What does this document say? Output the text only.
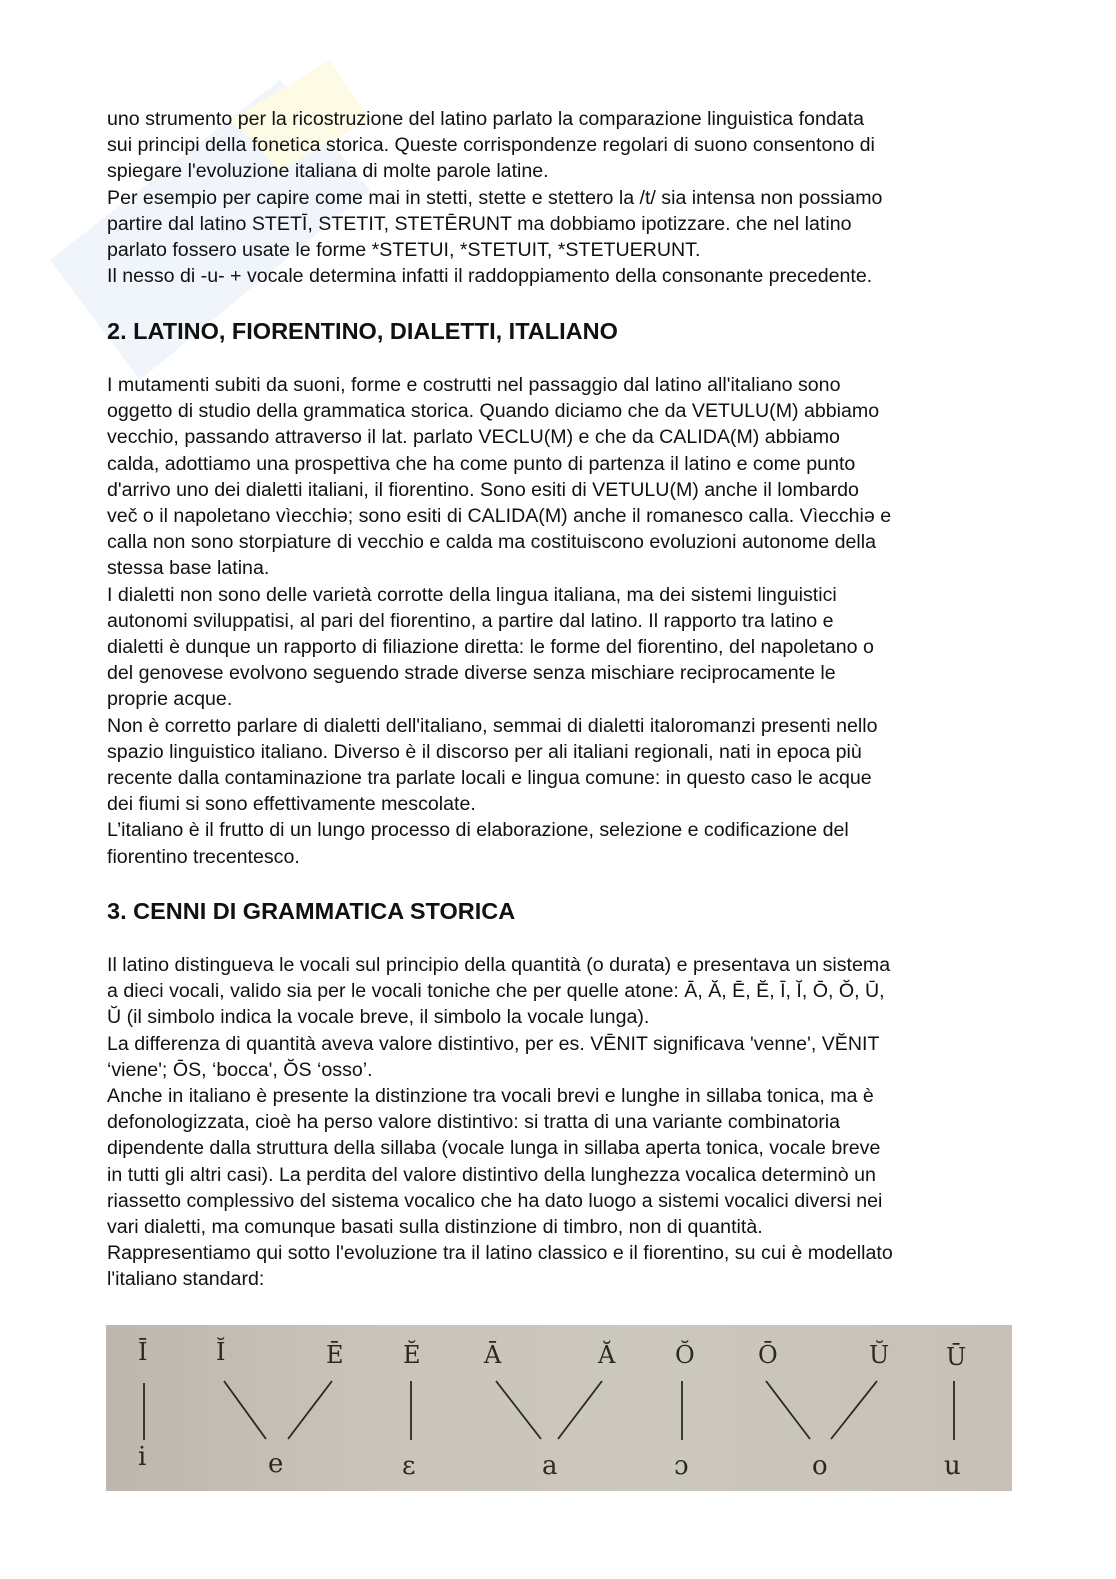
uno strumento per la ricostruzione del latino parlato la comparazione linguistica fondata
sui principi della fonetica storica. Queste corrispondenze regolari di suono consentono di
spiegare l'evoluzione italiana di molte parole latine.
Per esempio per capire come mai in stetti, stette e stettero la /t/ sia intensa non possiamo
partire dal latino STETĪ, STETIT, STETĒRUNT ma dobbiamo ipotizzare. che nel latino
parlato fossero usate le forme *STETUI, *STETUIT, *STETUERUNT.
Il nesso di -u- + vocale determina infatti il raddoppiamento della consonante precedente.
2. LATINO, FIORENTINO, DIALETTI, ITALIANO
I mutamenti subiti da suoni, forme e costrutti nel passaggio dal latino all'italiano sono
oggetto di studio della grammatica storica. Quando diciamo che da VETULU(M) abbiamo
vecchio, passando attraverso il lat. parlato VECLU(M) e che da CALIDA(M) abbiamo
calda, adottiamo una prospettiva che ha come punto di partenza il latino e come punto
d'arrivo uno dei dialetti italiani, il fiorentino. Sono esiti di VETULU(M) anche il lombardo
več o il napoletano vìecchiə; sono esiti di CALIDA(M) anche il romanesco calla. Vìecchiə e
calla non sono storpiature di vecchio e calda ma costituiscono evoluzioni autonome della
stessa base latina.
I dialetti non sono delle varietà corrotte della lingua italiana, ma dei sistemi linguistici
autonomi sviluppatisi, al pari del fiorentino, a partire dal latino. Il rapporto tra latino e
dialetti è dunque un rapporto di filiazione diretta: le forme del fiorentino, del napoletano o
del genovese evolvono seguendo strade diverse senza mischiare reciprocamente le
proprie acque.
Non è corretto parlare di dialetti dell'italiano, semmai di dialetti italoromanzi presenti nello
spazio linguistico italiano. Diverso è il discorso per ali italiani regionali, nati in epoca più
recente dalla contaminazione tra parlate locali e lingua comune: in questo caso le acque
dei fiumi si sono effettivamente mescolate.
L’italiano è il frutto di un lungo processo di elaborazione, selezione e codificazione del
fiorentino trecentesco.
3. CENNI DI GRAMMATICA STORICA
Il latino distingueva le vocali sul principio della quantità (o durata) e presentava un sistema
a dieci vocali, valido sia per le vocali toniche che per quelle atone: Ā, Ă, Ē, Ĕ, Ī, Ĭ, Ō, Ŏ, Ū,
Ŭ (il simbolo indica la vocale breve, il simbolo la vocale lunga).
La differenza di quantità aveva valore distintivo, per es. VĒNIT significava 'venne', VĔNIT
‘viene'; ŌS, ‘bocca', ŎS ‘osso’.
Anche in italiano è presente la distinzione tra vocali brevi e lunghe in sillaba tonica, ma è
defonologizzata, cioè ha perso valore distintivo: si tratta di una variante combinatoria
dipendente dalla struttura della sillaba (vocale lunga in sillaba aperta tonica, vocale breve
in tutti gli altri casi). La perdita del valore distintivo della lunghezza vocalica determinò un
riassetto complessivo del sistema vocalico che ha dato luogo a sistemi vocalici diversi nei
vari dialetti, ma comunque basati sulla distinzione di timbro, non di quantità.
Rappresentiamo qui sotto l'evoluzione tra il latino classico e il fiorentino, su cui è modellato
l'italiano standard:
Ī	Ĭ	Ē Ĕ	Ā	Ă Ŏ	Ō	Ŭ Ū
i	e	ɛ	a	ɔ	o	u
